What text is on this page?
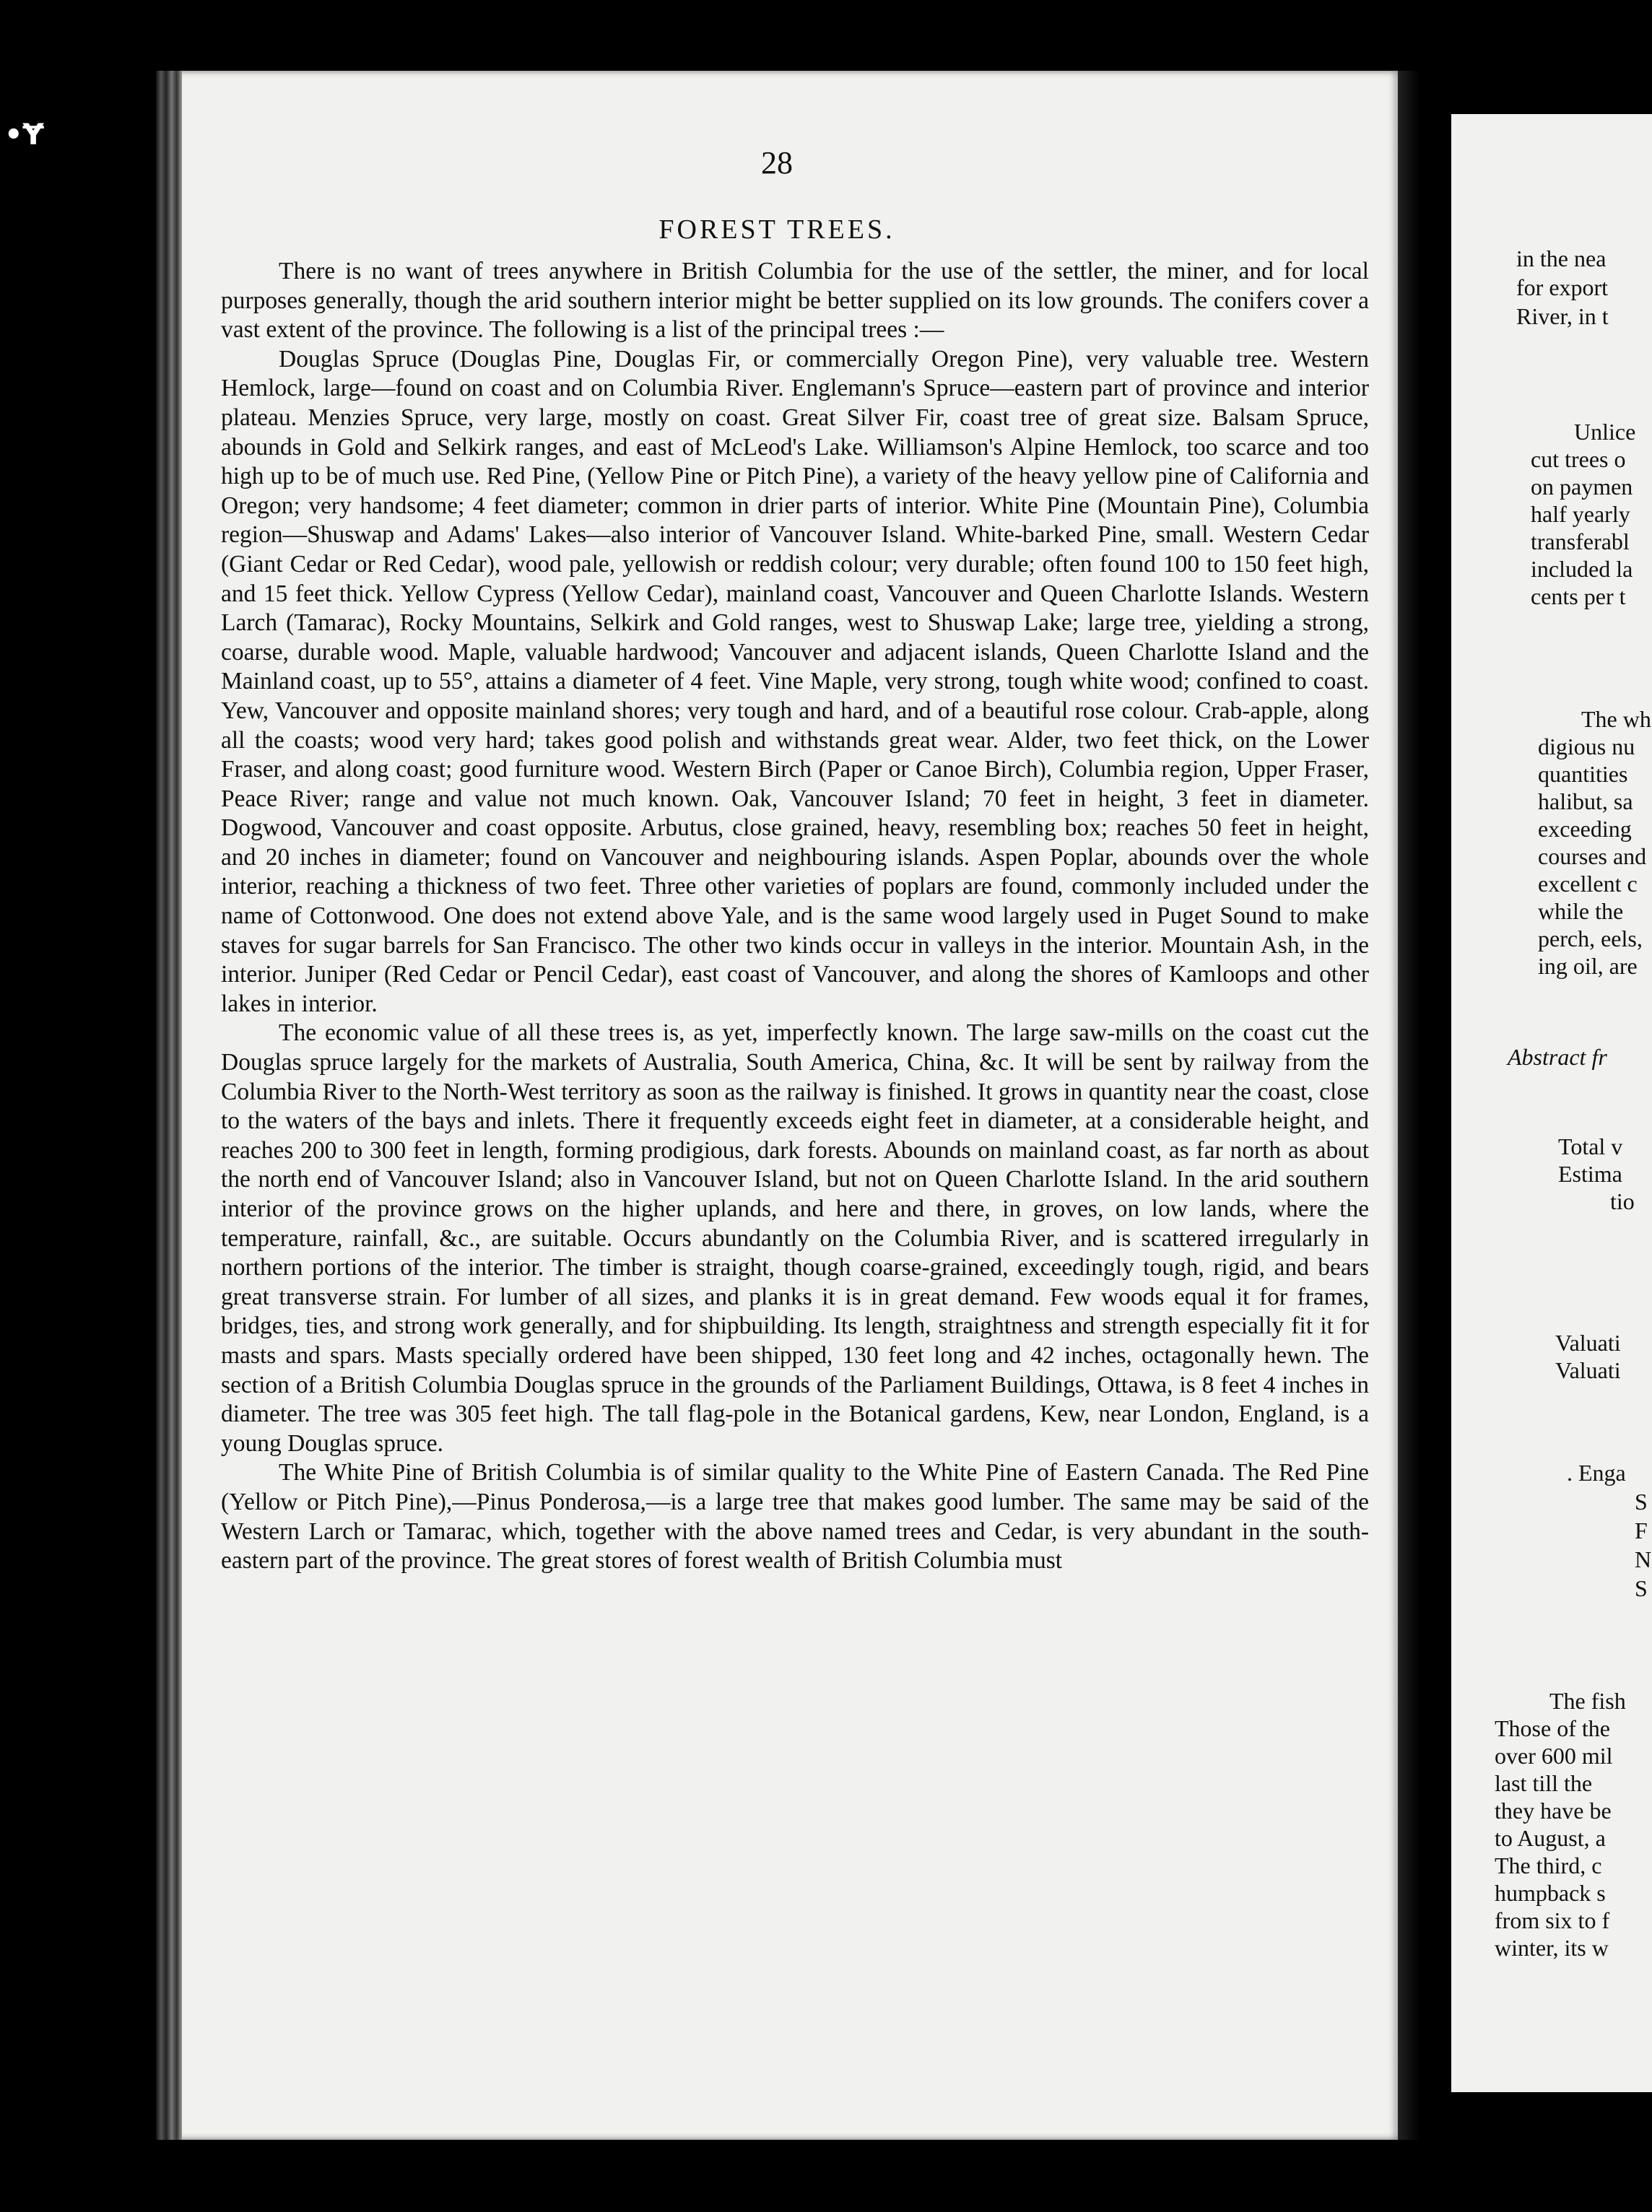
•Ɏ
28
FOREST TREES.

There is no want of trees anywhere in British Columbia for the use of the settler, the miner, and for local purposes generally, though the arid southern interior might be better supplied on its low grounds. The conifers cover a vast extent of the province. The following is a list of the principal trees :—

Douglas Spruce (Douglas Pine, Douglas Fir, or commercially Oregon Pine), very valuable tree. Western Hemlock, large—found on coast and on Columbia River. Englemann's Spruce—eastern part of province and interior plateau. Menzies Spruce, very large, mostly on coast. Great Silver Fir, coast tree of great size. Balsam Spruce, abounds in Gold and Selkirk ranges, and east of McLeod's Lake. Williamson's Alpine Hemlock, too scarce and too high up to be of much use. Red Pine, (Yellow Pine or Pitch Pine), a variety of the heavy yellow pine of California and Oregon; very handsome; 4 feet diameter; common in drier parts of interior. White Pine (Mountain Pine), Columbia region—Shuswap and Adams' Lakes—also interior of Vancouver Island. White-barked Pine, small. Western Cedar (Giant Cedar or Red Cedar), wood pale, yellowish or reddish colour; very durable; often found 100 to 150 feet high, and 15 feet thick. Yellow Cypress (Yellow Cedar), mainland coast, Vancouver and Queen Charlotte Islands. Western Larch (Tamarac), Rocky Mountains, Selkirk and Gold ranges, west to Shuswap Lake; large tree, yielding a strong, coarse, durable wood. Maple, valuable hardwood; Vancouver and adjacent islands, Queen Charlotte Island and the Mainland coast, up to 55°, attains a diameter of 4 feet. Vine Maple, very strong, tough white wood; confined to coast. Yew, Vancouver and opposite mainland shores; very tough and hard, and of a beautiful rose colour. Crab-apple, along all the coasts; wood very hard; takes good polish and withstands great wear. Alder, two feet thick, on the Lower Fraser, and along coast; good furniture wood. Western Birch (Paper or Canoe Birch), Columbia region, Upper Fraser, Peace River; range and value not much known. Oak, Vancouver Island; 70 feet in height, 3 feet in diameter. Dogwood, Vancouver and coast opposite. Arbutus, close grained, heavy, resembling box; reaches 50 feet in height, and 20 inches in diameter; found on Vancouver and neighbouring islands. Aspen Poplar, abounds over the whole interior, reaching a thickness of two feet. Three other varieties of poplars are found, commonly included under the name of Cottonwood. One does not extend above Yale, and is the same wood largely used in Puget Sound to make staves for sugar barrels for San Francisco. The other two kinds occur in valleys in the interior. Mountain Ash, in the interior. Juniper (Red Cedar or Pencil Cedar), east coast of Vancouver, and along the shores of Kamloops and other lakes in interior.

The economic value of all these trees is, as yet, imperfectly known. The large saw-mills on the coast cut the Douglas spruce largely for the markets of Australia, South America, China, &c. It will be sent by railway from the Columbia River to the North-West territory as soon as the railway is finished. It grows in quantity near the coast, close to the waters of the bays and inlets. There it frequently exceeds eight feet in diameter, at a considerable height, and reaches 200 to 300 feet in length, forming prodigious, dark forests. Abounds on mainland coast, as far north as about the north end of Vancouver Island; also in Vancouver Island, but not on Queen Charlotte Island. In the arid southern interior of the province grows on the higher uplands, and here and there, in groves, on low lands, where the temperature, rainfall, &c., are suitable. Occurs abundantly on the Columbia River, and is scattered irregularly in northern portions of the interior. The timber is straight, though coarse-grained, exceedingly tough, rigid, and bears great transverse strain. For lumber of all sizes, and planks it is in great demand. Few woods equal it for frames, bridges, ties, and strong work generally, and for shipbuilding. Its length, straightness and strength especially fit it for masts and spars. Masts specially ordered have been shipped, 130 feet long and 42 inches, octagonally hewn. The section of a British Columbia Douglas spruce in the grounds of the Parliament Buildings, Ottawa, is 8 feet 4 inches in diameter. The tree was 305 feet high. The tall flag-pole in the Botanical gardens, Kew, near London, England, is a young Douglas spruce.

The White Pine of British Columbia is of similar quality to the White Pine of Eastern Canada. The Red Pine (Yellow or Pitch Pine),—Pinus Ponderosa,—is a large tree that makes good lumber. The same may be said of the Western Larch or Tamarac, which, together with the above named trees and Cedar, is very abundant in the south-eastern part of the province. The great stores of forest wealth of British Columbia must

in the nea
for export
River, in t
Unlice
cut trees o
on paymen
half yearly
transferabl
included la
cents per t
The wh
digious nu
quantities
halibut, sa
exceeding
courses and
excellent c
while the
perch, eels,
ing oil, are
Abstract fr
Total v
Estima
tio
Valuati
Valuati
. Enga
S
F
N
S
The fish
Those of the
over 600 mil
last till the
they have be
to August, a
The third, c
humpback s
from six to f
winter, its w
